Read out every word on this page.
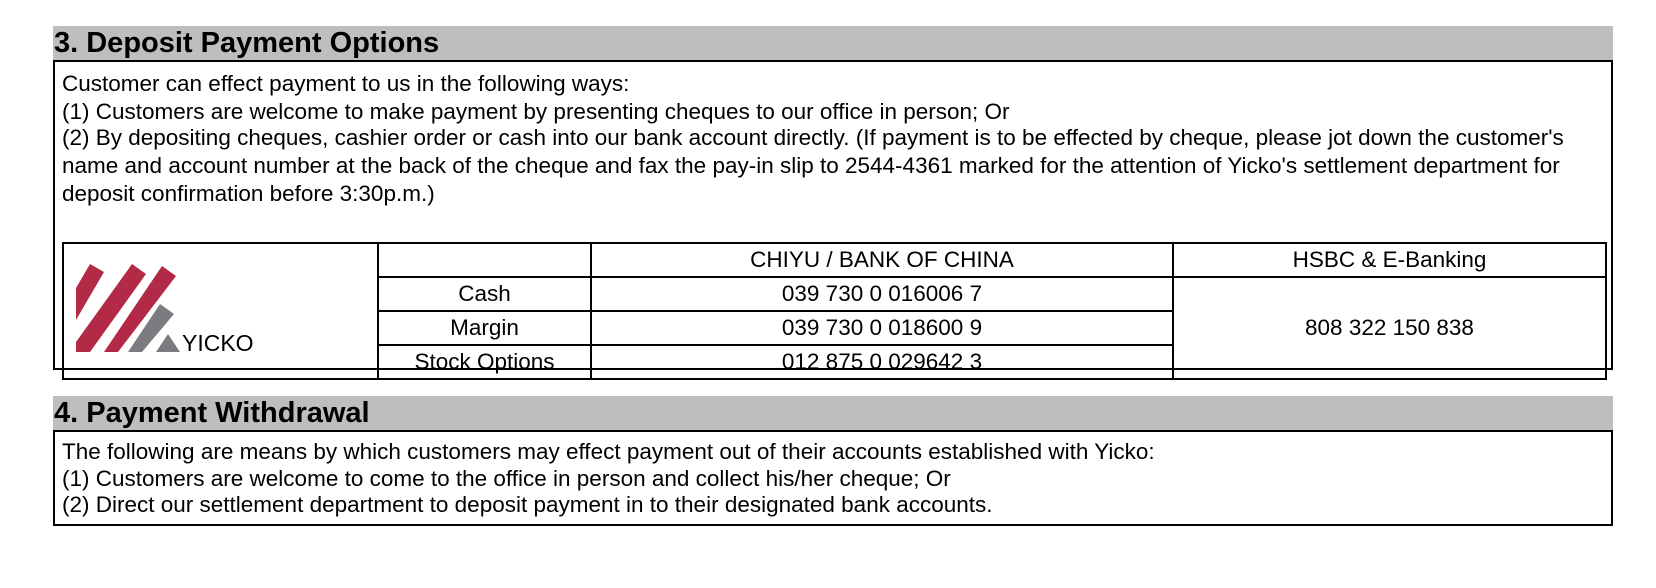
3. Deposit Payment Options

Customer can effect payment to us in the following ways:

(1) Customers are welcome to make payment by presenting cheques to our office in person; Or

(2) By depositing cheques, cashier order or cash into our bank account directly. (If payment is to be effected by cheque, please jot down the customer's name and account number at the back of the cheque and fax the pay-in slip to 2544-4361 marked for the attention of Yicko's settlement department for deposit confirmation before 3:30p.m.)

YICKO		CHIYU / BANK OF CHINA	HSBC & E-Banking
	Cash	039 730 0 016006 7	808 322 150 838
	Margin	039 730 0 018600 9	
	Stock Options	012 875 0 029642 3	
4. Payment Withdrawal

The following are means by which customers may effect payment out of their accounts established with Yicko:

(1) Customers are welcome to come to the office in person and collect his/her cheque; Or

(2) Direct our settlement department to deposit payment in to their designated bank accounts.
